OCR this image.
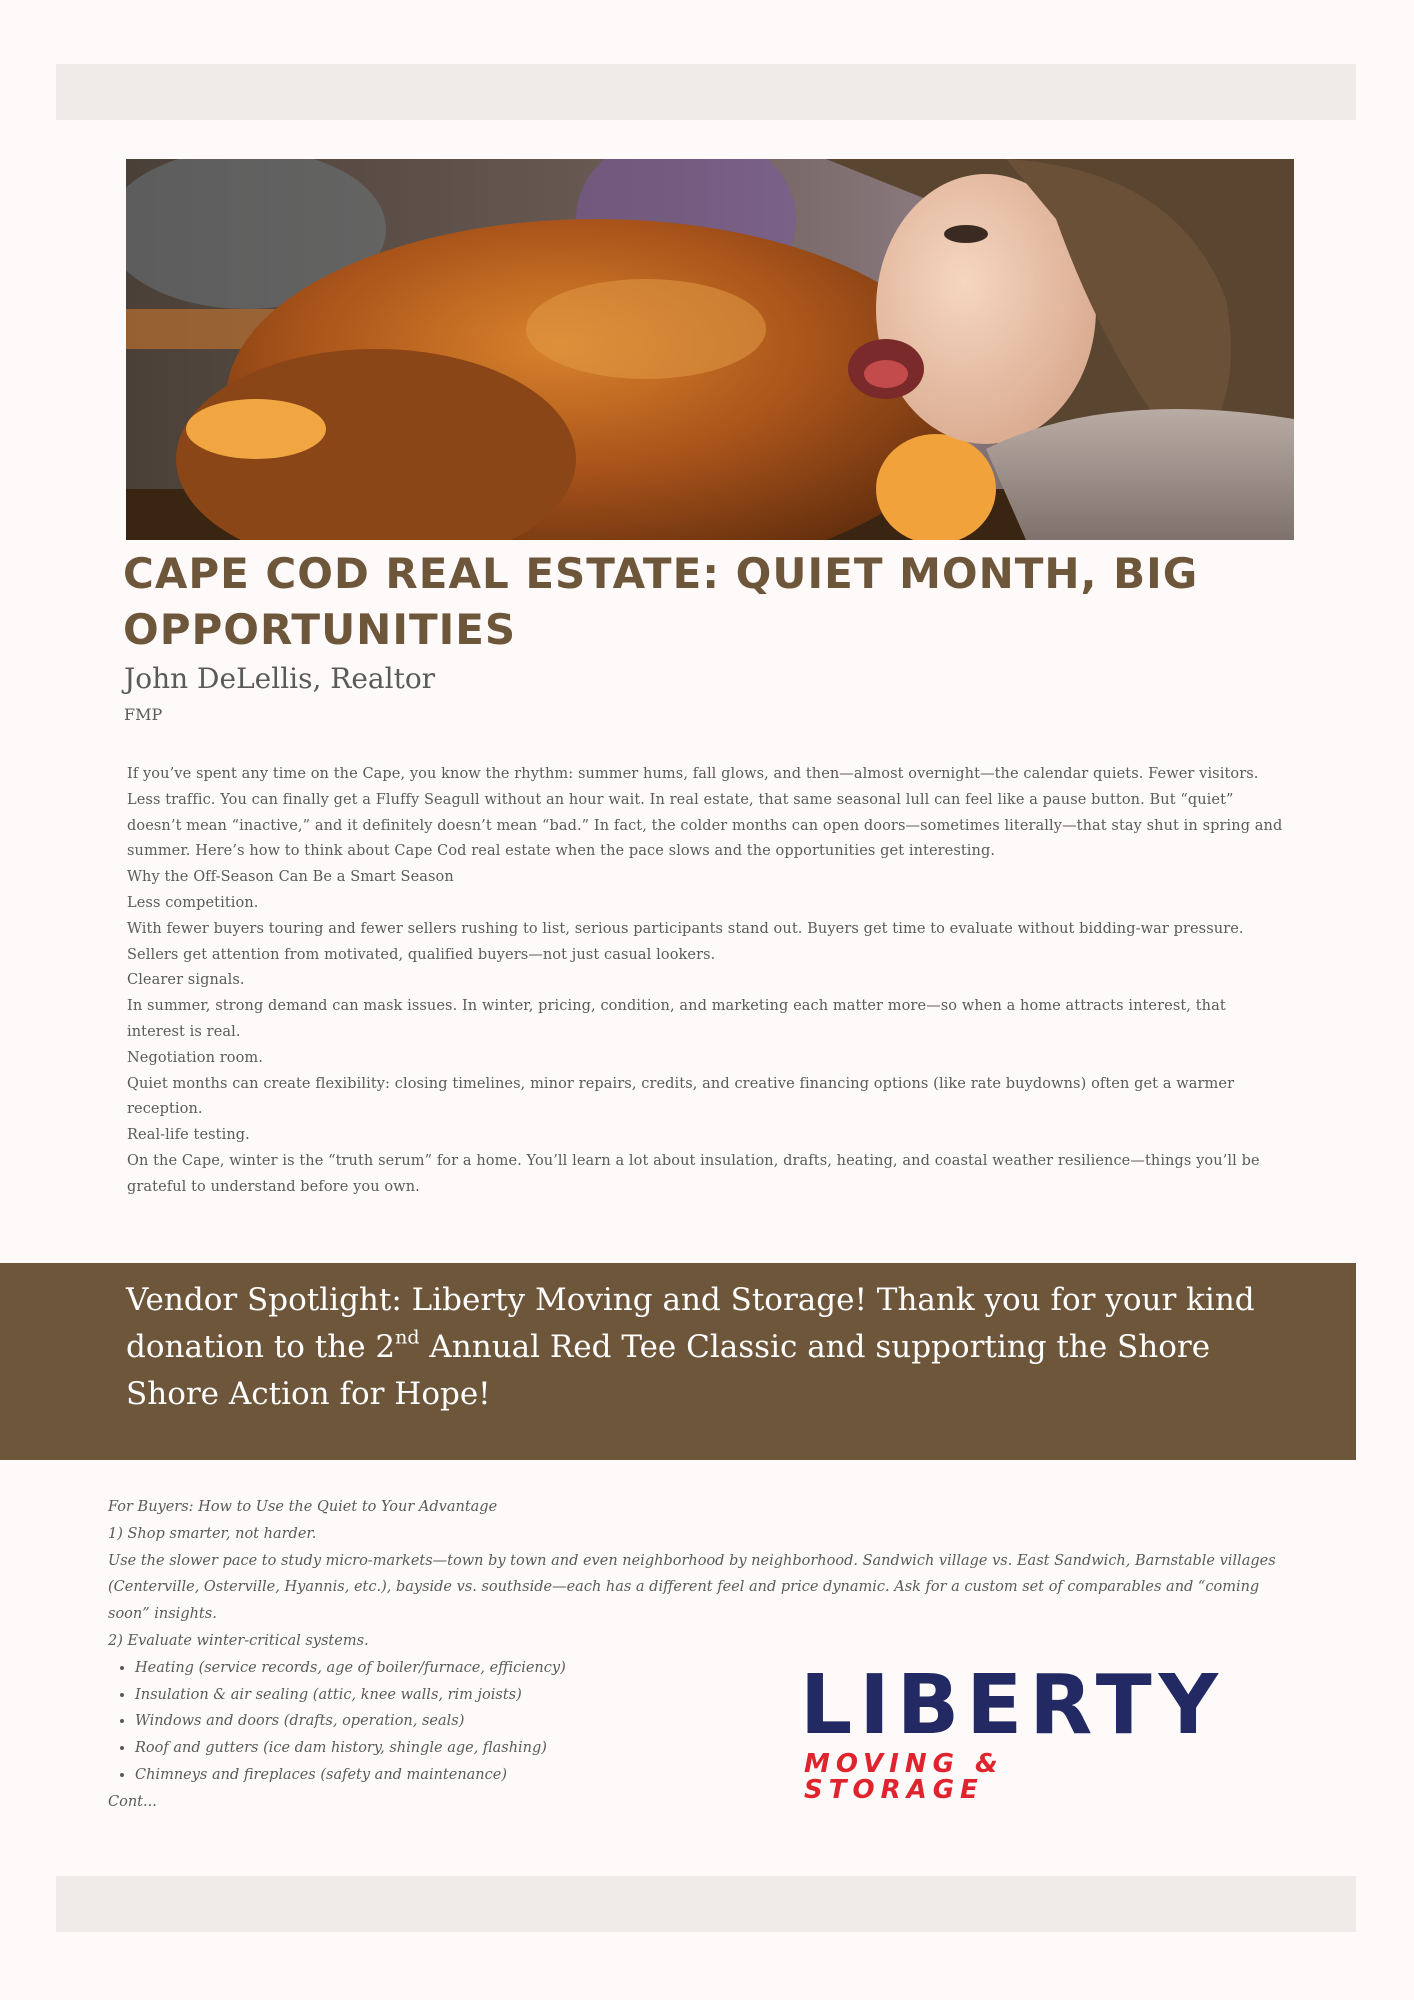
CAPE COD REAL ESTATE: QUIET MONTH, BIG OPPORTUNITIES

John DeLellis, Realtor

FMP

If you’ve spent any time on the Cape, you know the rhythm: summer hums, fall glows, and then—almost overnight—the calendar quiets. Fewer visitors. Less traffic. You can finally get a Fluffy Seagull without an hour wait. In real estate, that same seasonal lull can feel like a pause button. But “quiet” doesn’t mean “inactive,” and it definitely doesn’t mean “bad.” In fact, the colder months can open doors—sometimes literally—that stay shut in spring and summer. Here’s how to think about Cape Cod real estate when the pace slows and the opportunities get interesting.

Why the Off-Season Can Be a Smart Season

Less competition.

With fewer buyers touring and fewer sellers rushing to list, serious participants stand out. Buyers get time to evaluate without bidding-war pressure. Sellers get attention from motivated, qualified buyers—not just casual lookers.

Clearer signals.

In summer, strong demand can mask issues. In winter, pricing, condition, and marketing each matter more—so when a home attracts interest, that interest is real.

Negotiation room.

Quiet months can create flexibility: closing timelines, minor repairs, credits, and creative financing options (like rate buydowns) often get a warmer reception.

Real-life testing.

On the Cape, winter is the “truth serum” for a home. You’ll learn a lot about insulation, drafts, heating, and coastal weather resilience—things you’ll be grateful to understand before you own.

Vendor Spotlight: Liberty Moving and Storage! Thank you for your kind donation to the 2nd Annual Red Tee Classic and supporting the Shore Shore Action for Hope!

For Buyers: How to Use the Quiet to Your Advantage

1) Shop smarter, not harder.

Use the slower pace to study micro-markets—town by town and even neighborhood by neighborhood. Sandwich village vs. East Sandwich, Barnstable villages (Centerville, Osterville, Hyannis, etc.), bayside vs. southside—each has a different feel and price dynamic. Ask for a custom set of comparables and “coming soon” insights.

2) Evaluate winter-critical systems.

• Heating (service records, age of boiler/furnace, efficiency)
• Insulation & air sealing (attic, knee walls, rim joists)
• Windows and doors (drafts, operation, seals)
• Roof and gutters (ice dam history, shingle age, flashing)
• Chimneys and fireplaces (safety and maintenance)

Cont...

LIBERTY

MOVING & STORAGE
